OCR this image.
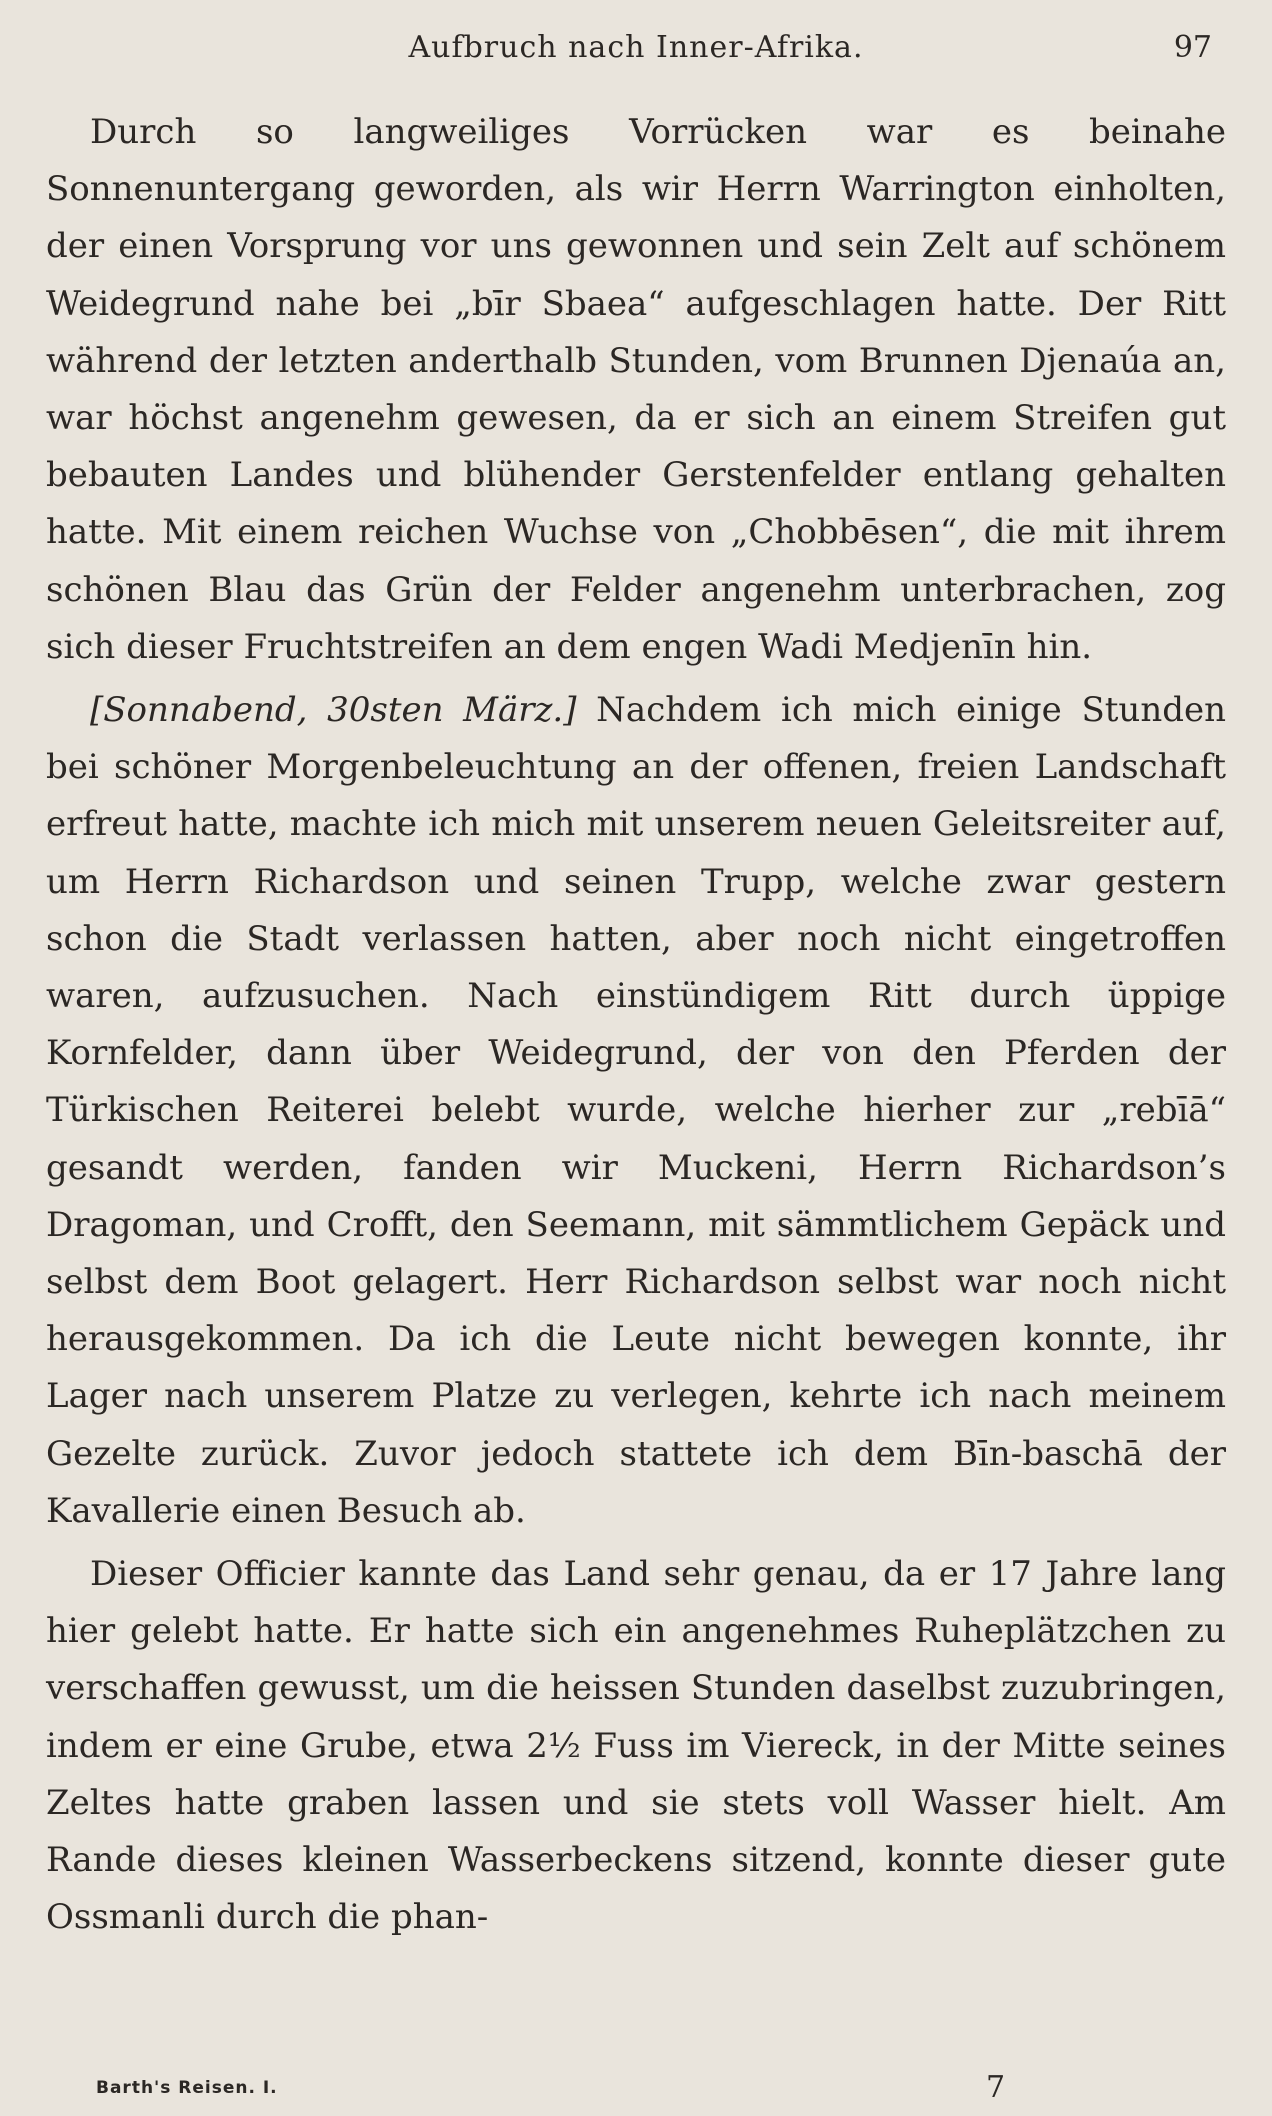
Aufbruch nach Inner-Afrika.	97

Durch so langweiliges Vorrücken war es beinahe Sonnenuntergang geworden, als wir Herrn Warrington einholten, der einen Vorsprung vor uns gewonnen und sein Zelt auf schönem Weidegrund nahe bei „bīr Sbaea“ aufgeschlagen hatte. Der Ritt während der letzten anderthalb Stunden, vom Brunnen Djenaúa an, war höchst angenehm gewesen, da er sich an einem Streifen gut bebauten Landes und blühender Gerstenfelder entlang gehalten hatte. Mit einem reichen Wuchse von „Chobbēsen“, die mit ihrem schönen Blau das Grün der Felder angenehm unterbrachen, zog sich dieser Fruchtstreifen an dem engen Wadi Medjenīn hin.

[Sonnabend, 30sten März.] Nachdem ich mich einige Stunden bei schöner Morgenbeleuchtung an der offenen, freien Landschaft erfreut hatte, machte ich mich mit unserem neuen Geleitsreiter auf, um Herrn Richardson und seinen Trupp, welche zwar gestern schon die Stadt verlassen hatten, aber noch nicht eingetroffen waren, aufzusuchen. Nach einstündigem Ritt durch üppige Kornfelder, dann über Weidegrund, der von den Pferden der Türkischen Reiterei belebt wurde, welche hierher zur „rebīā“ gesandt werden, fanden wir Muckeni, Herrn Richardson’s Dragoman, und Crofft, den Seemann, mit sämmtlichem Gepäck und selbst dem Boot gelagert. Herr Richardson selbst war noch nicht herausgekommen. Da ich die Leute nicht bewegen konnte, ihr Lager nach unserem Platze zu verlegen, kehrte ich nach meinem Gezelte zurück. Zuvor jedoch stattete ich dem Bīn-baschā der Kavallerie einen Besuch ab.

Dieser Officier kannte das Land sehr genau, da er 17 Jahre lang hier gelebt hatte. Er hatte sich ein angenehmes Ruheplätzchen zu verschaffen gewusst, um die heissen Stunden daselbst zuzubringen, indem er eine Grube, etwa 2½ Fuss im Viereck, in der Mitte seines Zeltes hatte graben lassen und sie stets voll Wasser hielt. Am Rande dieses kleinen Wasserbeckens sitzend, konnte dieser gute Ossmanli durch die phan-

Barth's Reisen. I.	7
